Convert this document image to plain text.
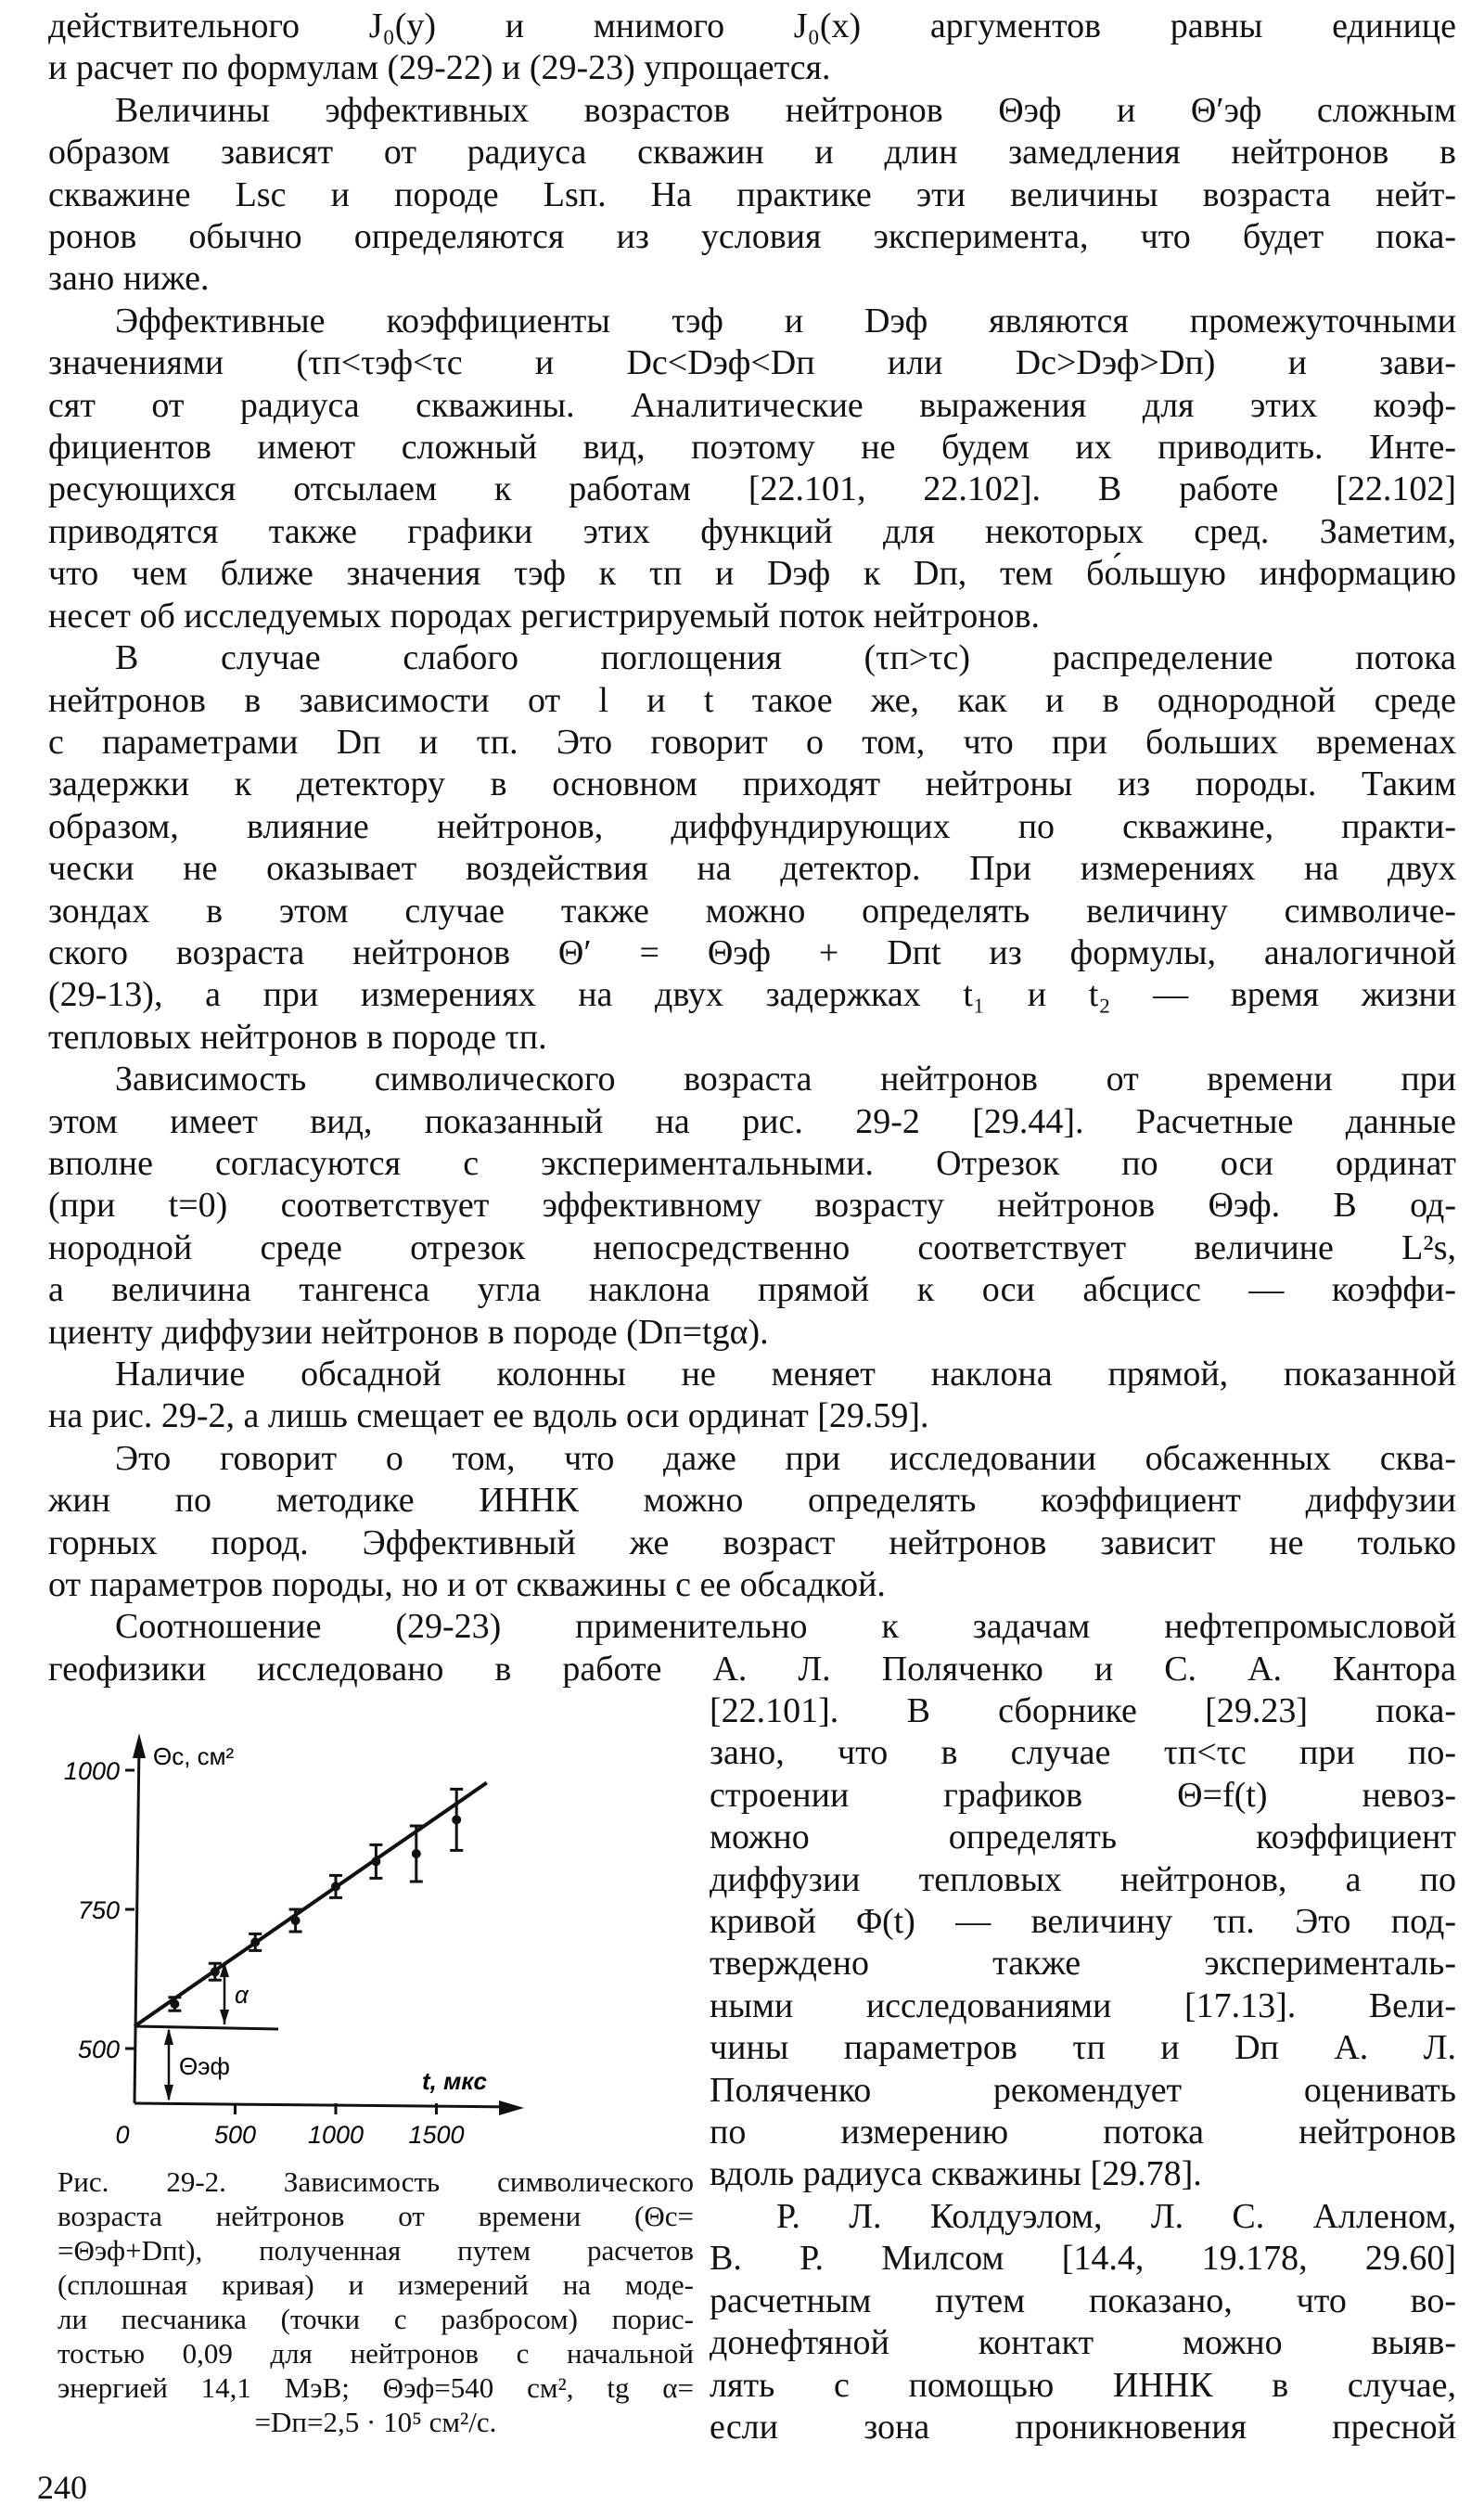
действительного J₀(y) и мнимого J₀(x) аргументов равны единице
и расчет по формулам (29-22) и (29-23) упрощается.
Величины эффективных возрастов нейтронов Θэф и Θ′эф сложным
образом зависят от радиуса скважин и длин замедления нейтронов в
скважине Lsc и породе Lsп. На практике эти величины возраста нейт-
ронов обычно определяются из условия эксперимента, что будет пока-
зано ниже.
Эффективные коэффициенты τэф и Dэф являются промежуточными
значениями (τп<τэф<τс и Dс<Dэф<Dп или Dс>Dэф>Dп) и зави-
сят от радиуса скважины. Аналитические выражения для этих коэф-
фициентов имеют сложный вид, поэтому не будем их приводить. Инте-
ресующихся отсылаем к работам [22.101, 22.102]. В работе [22.102]
приводятся также графики этих функций для некоторых сред. Заметим,
что чем ближе значения τэф к τп и Dэф к Dп, тем бо́льшую информацию
несет об исследуемых породах регистрируемый поток нейтронов.
В случае слабого поглощения (τп>τс) распределение потока
нейтронов в зависимости от l и t такое же, как и в однородной среде
с параметрами Dп и τп. Это говорит о том, что при больших временах
задержки к детектору в основном приходят нейтроны из породы. Таким
образом, влияние нейтронов, диффундирующих по скважине, практи-
чески не оказывает воздействия на детектор. При измерениях на двух
зондах в этом случае также можно определять величину символиче-
ского возраста нейтронов Θ′ = Θэф + Dпt из формулы, аналогичной
(29-13), а при измерениях на двух задержках t₁ и t₂ — время жизни
тепловых нейтронов в породе τп.
Зависимость символического возраста нейтронов от времени при
этом имеет вид, показанный на рис. 29-2 [29.44]. Расчетные данные
вполне согласуются с экспериментальными. Отрезок по оси ординат
(при t=0) соответствует эффективному возрасту нейтронов Θэф. В од-
нородной среде отрезок непосредственно соответствует величине L²s,
а величина тангенса угла наклона прямой к оси абсцисс — коэффи-
циенту диффузии нейтронов в породе (Dп=tgα).
Наличие обсадной колонны не меняет наклона прямой, показанной
на рис. 29-2, а лишь смещает ее вдоль оси ординат [29.59].
Это говорит о том, что даже при исследовании обсаженных сква-
жин по методике ИННК можно определять коэффициент диффузии
горных пород. Эффективный же возраст нейтронов зависит не только
от параметров породы, но и от скважины с ее обсадкой.
Соотношение (29-23) применительно к задачам нефтепромысловой
геофизики исследовано в работе А. Л. Поляченко и С. А. Кантора
1000
750
500
0	500 1000 1500
Θс, см²
t, мкс
Θэф
α
[22.101]. В сборнике [29.23] пока-
зано, что в случае τп<τс при по-
строении графиков Θ=f(t) невоз-
можно определять коэффициент
диффузии тепловых нейтронов, а по
кривой Φ(t) — величину τп. Это под-
тверждено также эксперименталь-
ными исследованиями [17.13]. Вели-
чины параметров τп и Dп А. Л.
Поляченко рекомендует оценивать
по измерению потока нейтронов
вдоль радиуса скважины [29.78].
Р. Л. Колдуэлом, Л. С. Алленом,
В. Р. Милсом [14.4, 19.178, 29.60]
расчетным путем показано, что во-
донефтяной контакт можно выяв-
лять с помощью ИННК в случае,
если зона проникновения пресной
Рис. 29-2. Зависимость символического
возраста нейтронов от времени (Θс=
=Θэф+Dпt), полученная путем расчетов
(сплошная кривая) и измерений на моде-
ли песчаника (точки с разбросом) порис-
тостью 0,09 для нейтронов с начальной
энергией 14,1 МэВ; Θэф=540 см², tg α=
=Dп=2,5 · 10⁵ см²/с.
240
